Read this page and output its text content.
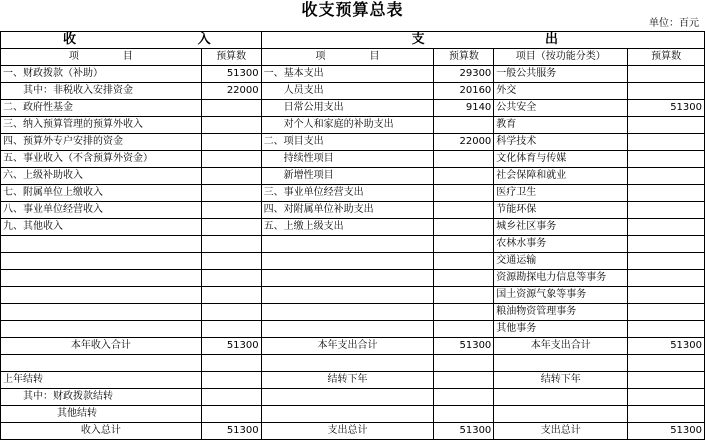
收支预算总表
单位：百元
收 入		支 出			

项 目	预算数	项 目	预算数	项目（按功能分类）	预算数
一、财政拨款（补助）	51300	一、基本支出	29300	一般公共服务	
其中：非税收入安排资金	22000	人员支出	20160	外交	
二、政府性基金		日常公用支出	9140	公共安全	51300
三、纳入预算管理的预算外收入		对个人和家庭的补助支出		教育	
四、预算外专户安排的资金		二、项目支出	22000	科学技术	
五、事业收入（不含预算外资金）		持续性项目		文化体育与传媒	
六、上级补助收入		新增性项目		社会保障和就业	
七、附属单位上缴收入		三、事业单位经营支出		医疗卫生	
八、事业单位经营收入		四、对附属单位补助支出		节能环保	
九、其他收入		五、上缴上级支出		城乡社区事务	
				农林水事务	
				交通运输	
				资源勘探电力信息等事务	
				国土资源气象等事务	
				粮油物资管理事务	
				其他事务	
本年收入合计	51300	本年支出合计	51300	本年支出合计	51300

上年结转		结转下年		结转下年	
其中：财政拨款结转					
其他结转					
收入总计	51300	支出总计	51300	支出总计	51300
